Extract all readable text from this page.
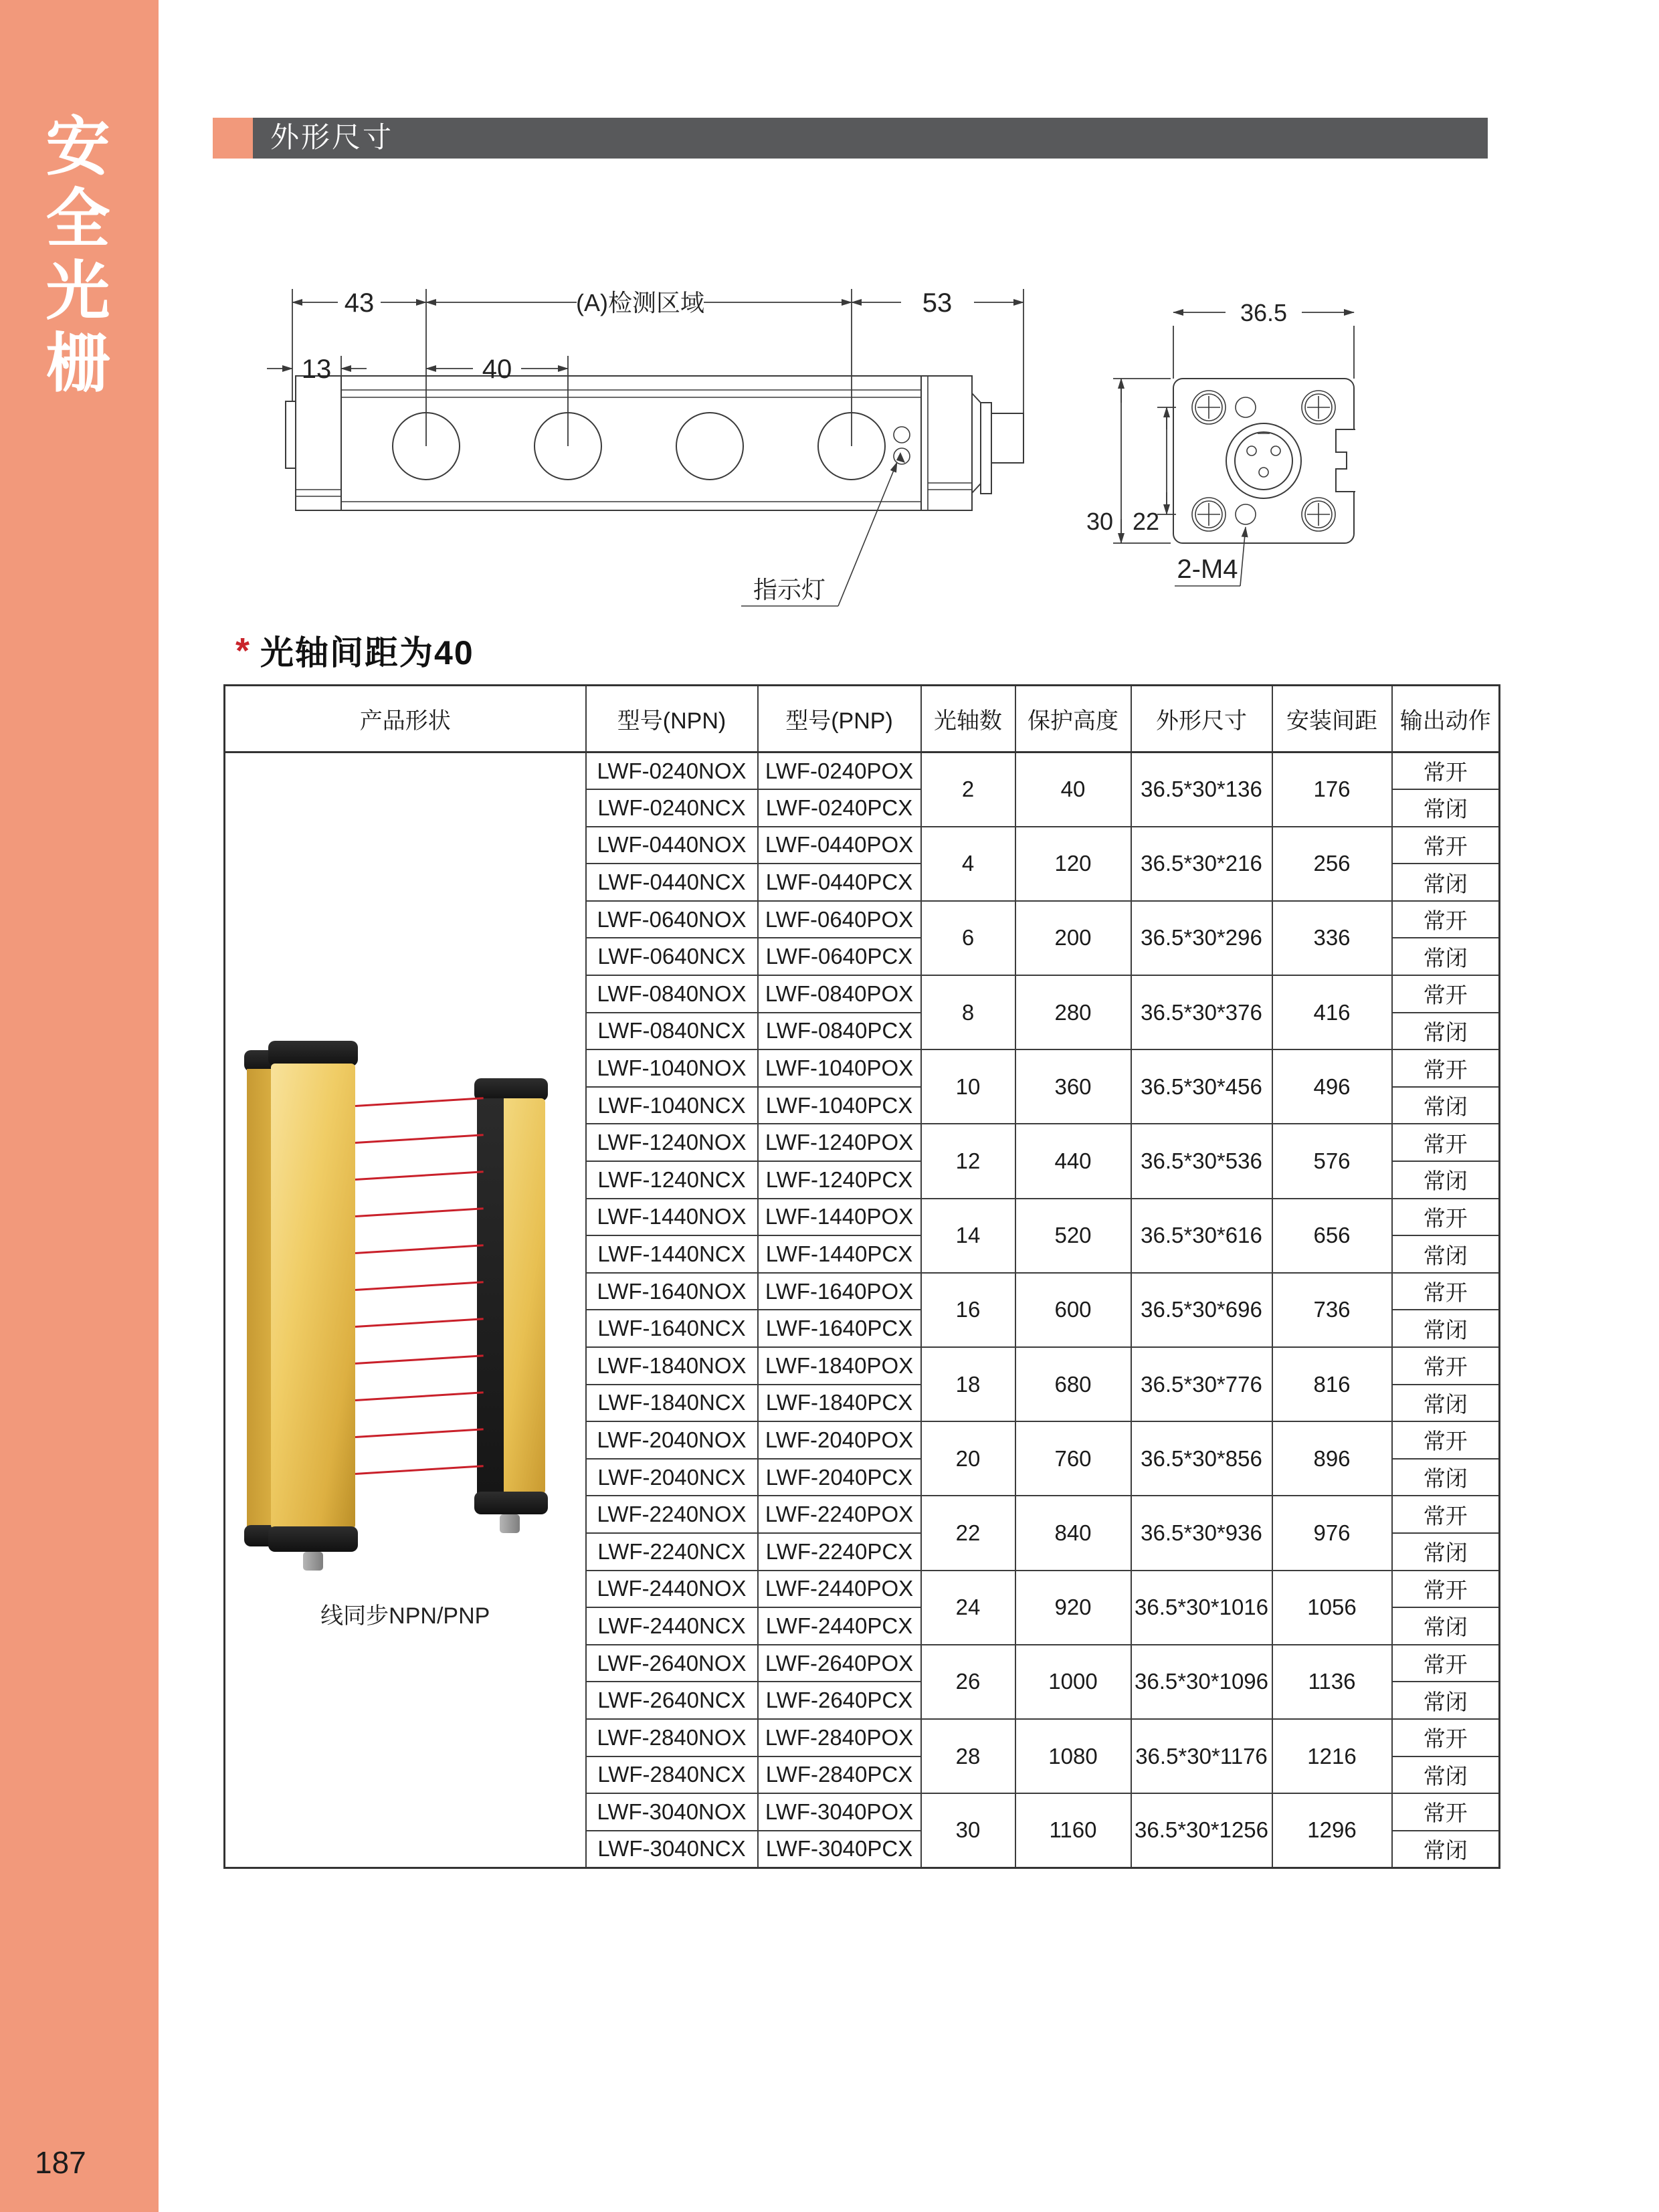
安全光栅
187
外形尺寸
指示灯
43	(A)检测区域	53
13	40
36.5
30 22
2-M4
* 光轴间距为40
产品形状	型号(NPN)	型号(PNP)	光轴数	保护高度	外形尺寸	安装间距	输出动作

线同步NPN/PNP	LWF-0240NOX	LWF-0240POX	2	40	36.5*30*136	176	常开
	LWF-0240NCX	LWF-0240PCX					常闭
	LWF-0440NOX	LWF-0440POX	4	120	36.5*30*216	256	常开
	LWF-0440NCX	LWF-0440PCX					常闭
	LWF-0640NOX	LWF-0640POX	6	200	36.5*30*296	336	常开
	LWF-0640NCX	LWF-0640PCX					常闭
	LWF-0840NOX	LWF-0840POX	8	280	36.5*30*376	416	常开
	LWF-0840NCX	LWF-0840PCX					常闭
	LWF-1040NOX	LWF-1040POX	10	360	36.5*30*456	496	常开
	LWF-1040NCX	LWF-1040PCX					常闭
	LWF-1240NOX	LWF-1240POX	12	440	36.5*30*536	576	常开
	LWF-1240NCX	LWF-1240PCX					常闭
	LWF-1440NOX	LWF-1440POX	14	520	36.5*30*616	656	常开
	LWF-1440NCX	LWF-1440PCX					常闭
	LWF-1640NOX	LWF-1640POX	16	600	36.5*30*696	736	常开
	LWF-1640NCX	LWF-1640PCX					常闭
	LWF-1840NOX	LWF-1840POX	18	680	36.5*30*776	816	常开
	LWF-1840NCX	LWF-1840PCX					常闭
	LWF-2040NOX	LWF-2040POX	20	760	36.5*30*856	896	常开
	LWF-2040NCX	LWF-2040PCX					常闭
	LWF-2240NOX	LWF-2240POX	22	840	36.5*30*936	976	常开
	LWF-2240NCX	LWF-2240PCX					常闭
	LWF-2440NOX	LWF-2440POX	24	920	36.5*30*1016	1056	常开
	LWF-2440NCX	LWF-2440PCX					常闭
	LWF-2640NOX	LWF-2640POX	26	1000	36.5*30*1096	1136	常开
	LWF-2640NCX	LWF-2640PCX					常闭
	LWF-2840NOX	LWF-2840POX	28	1080	36.5*30*1176	1216	常开
	LWF-2840NCX	LWF-2840PCX					常闭
	LWF-3040NOX	LWF-3040POX	30	1160	36.5*30*1256	1296	常开
	LWF-3040NCX	LWF-3040PCX					常闭
